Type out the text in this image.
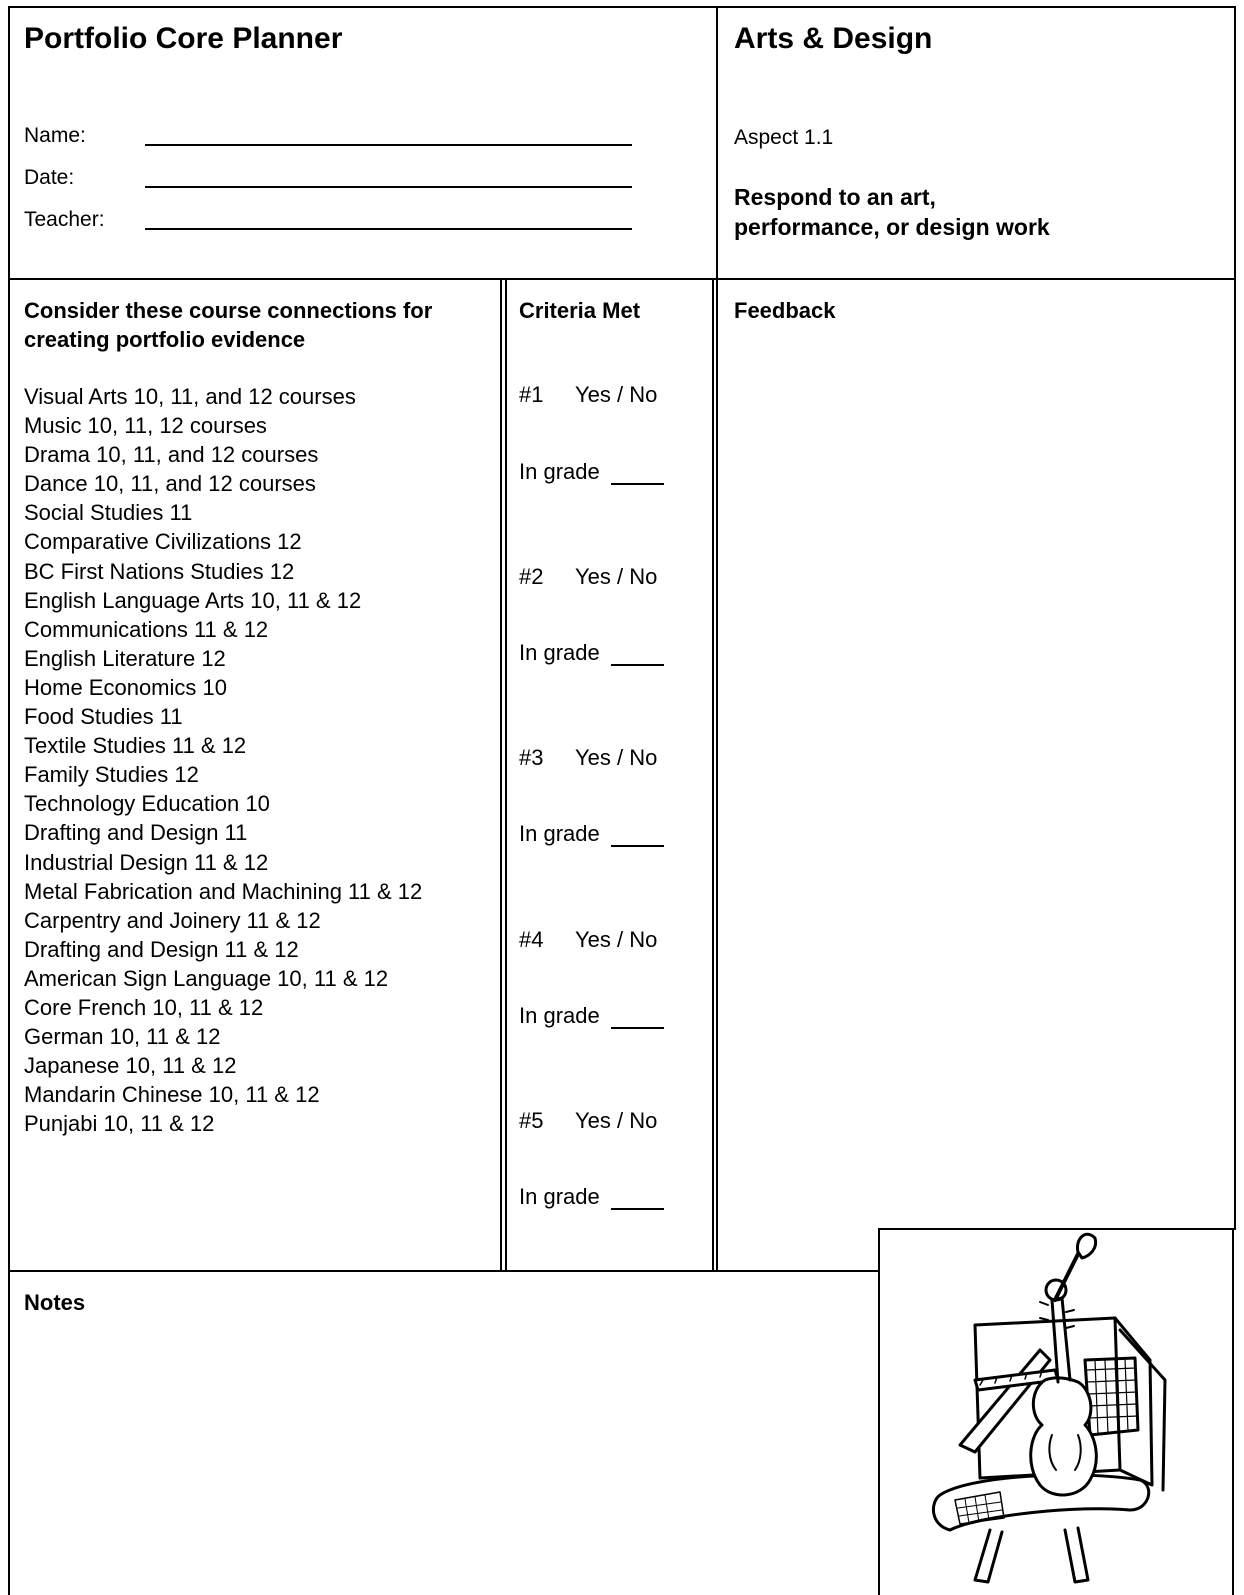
Portfolio Core Planner
Name:
Date:
Teacher:
Arts & Design
Aspect 1.1
Respond to an art,
performance, or design work
Consider these course connections for
creating portfolio evidence
Visual Arts 10, 11, and 12 courses
Music 10, 11, 12 courses
Drama 10, 11, and 12 courses
Dance 10, 11, and 12 courses
Social Studies 11
Comparative Civilizations 12
BC First Nations Studies 12
English Language Arts 10, 11 & 12
Communications 11 & 12
English Literature 12
Home Economics 10
Food Studies 11
Textile Studies 11 & 12
Family Studies 12
Technology Education 10
Drafting and Design 11
Industrial Design 11 & 12
Metal Fabrication and Machining 11 & 12
Carpentry and Joinery 11 & 12
Drafting and Design 11 & 12
American Sign Language 10, 11 & 12
Core French 10, 11 & 12
German 10, 11 & 12
Japanese 10, 11 & 12
Mandarin Chinese 10, 11 & 12
Punjabi 10, 11 & 12
Criteria Met
#1 Yes / No
In grade
#2 Yes / No
In grade
#3 Yes / No
In grade
#4 Yes / No
In grade
#5 Yes / No
In grade
Feedback
Notes
